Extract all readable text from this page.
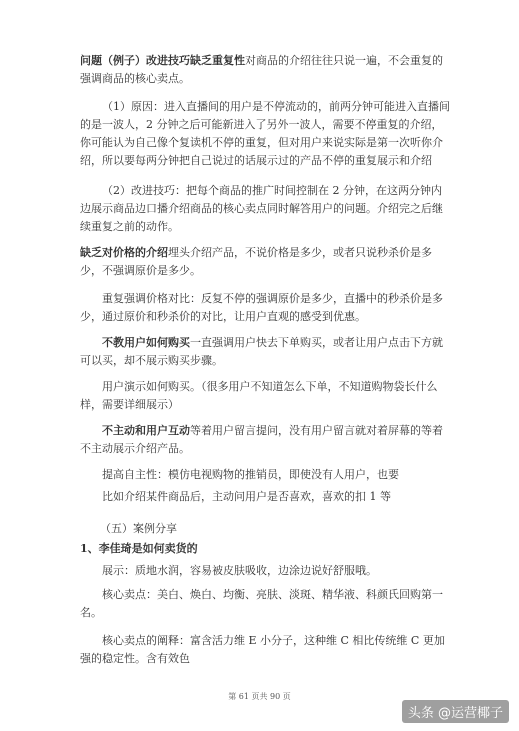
问题（例子）改进技巧缺乏重复性对商品的介绍往往只说一遍，不会重复的强调商品的核心卖点。

（1）原因：进入直播间的用户是不停流动的，前两分钟可能进入直播间的是一波人，2 分钟之后可能新进入了另外一波人，需要不停重复的介绍，你可能认为自己像个复读机不停的重复，但对用户来说实际是第一次听你介绍，所以要每两分钟把自己说过的话展示过的产品不停的重复展示和介绍

（2）改进技巧：把每个商品的推广时间控制在 2 分钟，在这两分钟内边展示商品边口播介绍商品的核心卖点同时解答用户的问题。介绍完之后继续重复之前的动作。

缺乏对价格的介绍埋头介绍产品，不说价格是多少，或者只说秒杀价是多少，不强调原价是多少。

重复强调价格对比：反复不停的强调原价是多少，直播中的秒杀价是多少，通过原价和秒杀价的对比，让用户直观的感受到优惠。

不教用户如何购买一直强调用户快去下单购买，或者让用户点击下方就可以买，却不展示购买步骤。

用户演示如何购买。（很多用户不知道怎么下单，不知道购物袋长什么样，需要详细展示）

不主动和用户互动等着用户留言提问，没有用户留言就对着屏幕的等着不主动展示介绍产品。

提高自主性：模仿电视购物的推销员，即使没有人用户，也要

比如介绍某件商品后，主动问用户是否喜欢，喜欢的扣 1 等

（五）案例分享
1、李佳琦是如何卖货的

展示：质地水润，容易被皮肤吸收，边涂边说好舒服哦。

核心卖点：美白、焕白、均衡、亮肤、淡斑、精华液、科颜氏回购第一名。

核心卖点的阐释：富含活力维 E 小分子，这种维 C 相比传统维 C 更加强的稳定性。含有效色

第 61 页共 90 页
头条 @运营椰子
